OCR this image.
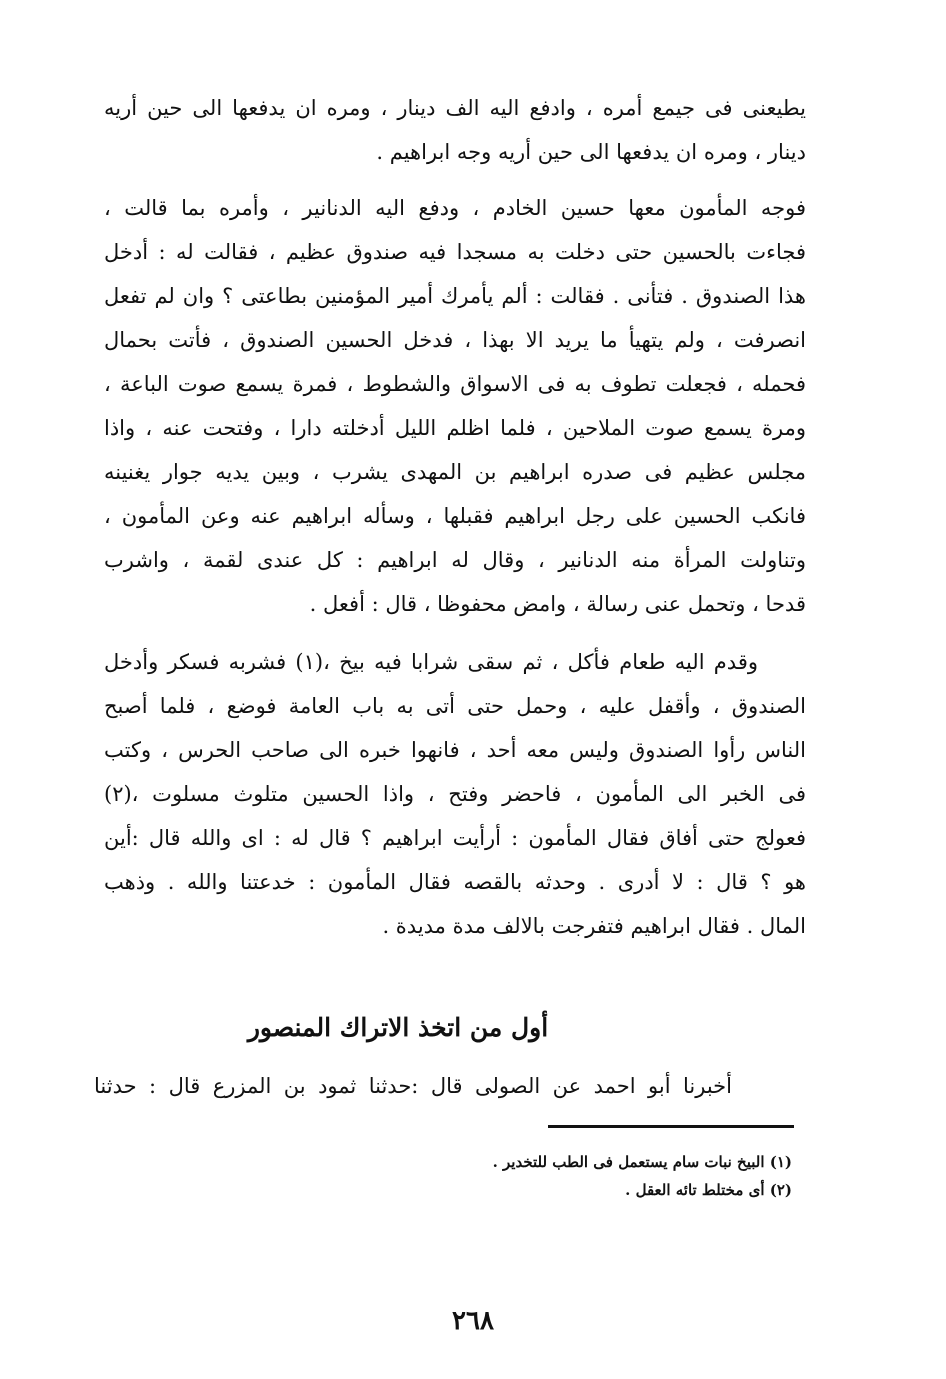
يطيعنى فى جيمع أمره ، وادفع اليه الف دينار ، ومره ان يدفعها الى حين أريه
دينار ، ومره ان يدفعها الى حين أريه وجه ابراهيم .
فوجه المأمون معها حسين الخادم ، ودفع اليه الدنانير ، وأمره بما قالت ،
فجاءت بالحسين حتى دخلت به مسجدا فيه صندوق عظيم ، فقالت له : أدخل
هذا الصندوق . فتأنى . فقالت : ألم يأمرك أمير المؤمنين بطاعتى ؟ وان لم تفعل
انصرفت ، ولم يتهيأ ما يريد الا بهذا ، فدخل الحسين الصندوق ، فأتت بحمال
فحمله ، فجعلت تطوف به فى الاسواق والشطوط ، فمرة يسمع صوت الباعة ،
ومرة يسمع صوت الملاحين ، فلما اظلم الليل أدخلته دارا ، وفتحت عنه ، واذا
مجلس عظيم فى صدره ابراهيم بن المهدى يشرب ، وبين يديه جوار يغنينه
فانكب الحسين على رجل ابراهيم فقبلها ، وسأله ابراهيم عنه وعن المأمون ،
وتناولت المرأة منه الدنانير ، وقال له ابراهيم : كل عندى لقمة ، واشرب
قدحا ، وتحمل عنى رسالة ، وامض محفوظا ، قال : أفعل .
وقدم اليه طعام فأكل ، ثم سقى شرابا فيه بيخ ،(١) فشربه فسكر وأدخل
الصندوق ، وأقفل عليه ، وحمل حتى أتى به باب العامة فوضع ، فلما أصبح
الناس رأوا الصندوق وليس معه أحد ، فانهوا خبره الى صاحب الحرس ، وكتب
فى الخبر الى المأمون ، فاحضر وفتح ، واذا الحسين متلوث مسلوت ،(٢)
فعولج حتى أفاق فقال المأمون : أرأيت ابراهيم ؟ قال له : اى والله قال :أين
هو ؟ قال : لا أدرى . وحدثه بالقصه فقال المأمون : خدعتنا والله . وذهب
المال . فقال ابراهيم فتفرجت بالالف مدة مديدة .
أول من اتخذ الاتراك المنصور
أخبرنا أبو احمد عن الصولى قال :حدثنا ثمود بن المزرع قال : حدثنا
(١) البيخ نبات سام يستعمل فى الطب للتخدير .
(٢) أى مختلط تائه العقل .
٢٦٨
